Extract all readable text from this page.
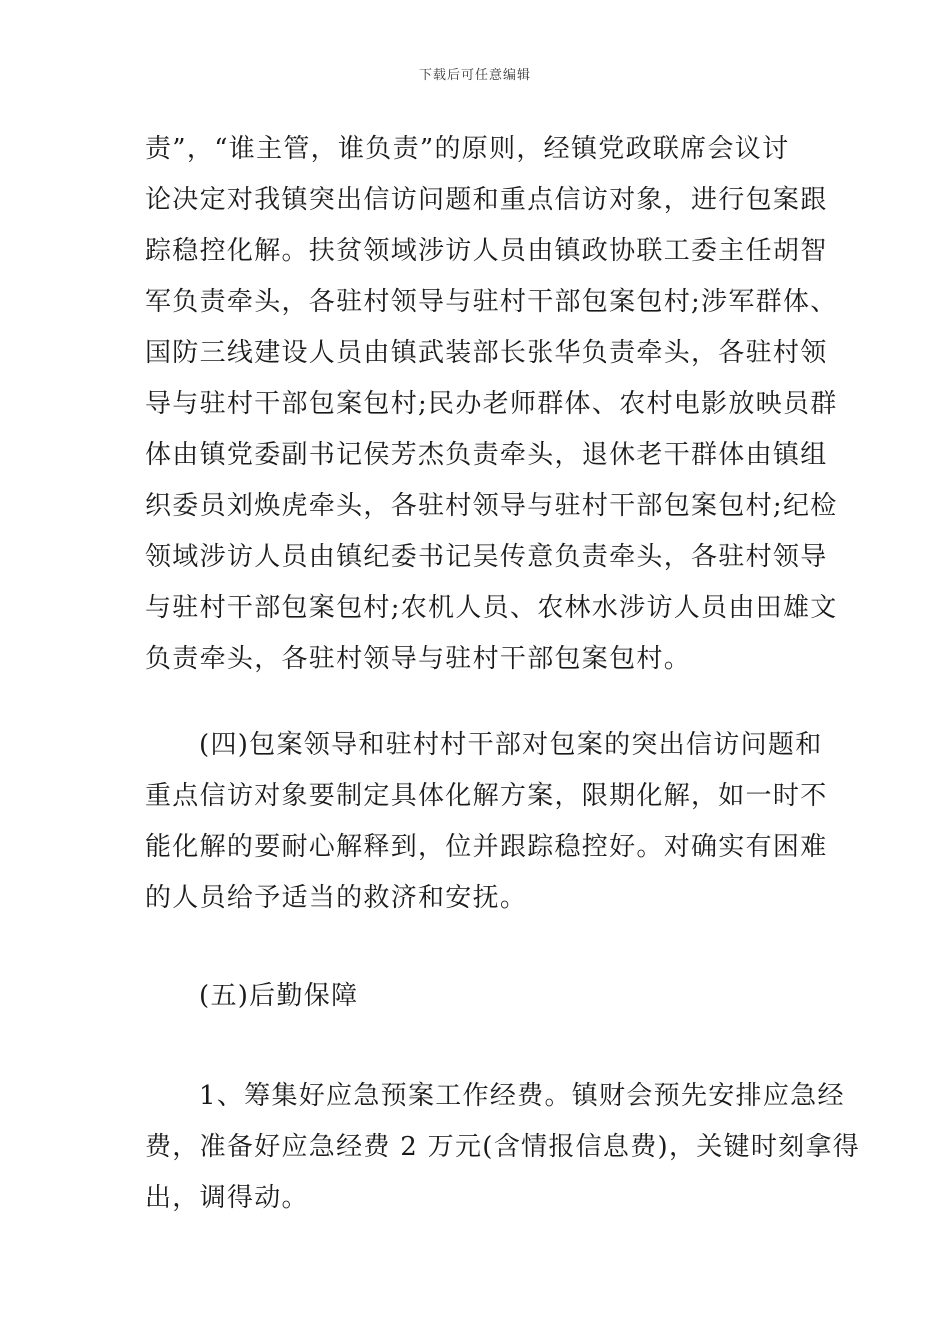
下载后可任意编辑
责”，“谁主管，谁负责”的原则，经镇党政联席会议讨
论决定对我镇突出信访问题和重点信访对象，进行包案跟
踪稳控化解。扶贫领域涉访人员由镇政协联工委主任胡智
军负责牵头，各驻村领导与驻村干部包案包村;涉军群体、
国防三线建设人员由镇武装部长张华负责牵头，各驻村领
导与驻村干部包案包村;民办老师群体、农村电影放映员群
体由镇党委副书记侯芳杰负责牵头，退休老干群体由镇组
织委员刘焕虎牵头，各驻村领导与驻村干部包案包村;纪检
领域涉访人员由镇纪委书记吴传意负责牵头，各驻村领导
与驻村干部包案包村;农机人员、农林水涉访人员由田雄文
负责牵头，各驻村领导与驻村干部包案包村。
(四)包案领导和驻村村干部对包案的突出信访问题和
重点信访对象要制定具体化解方案，限期化解，如一时不
能化解的要耐心解释到，位并跟踪稳控好。对确实有困难
的人员给予适当的救济和安抚。
(五)后勤保障
1、筹集好应急预案工作经费。镇财会预先安排应急经
费，准备好应急经费 2 万元(含情报信息费)，关键时刻拿得
出，调得动。
